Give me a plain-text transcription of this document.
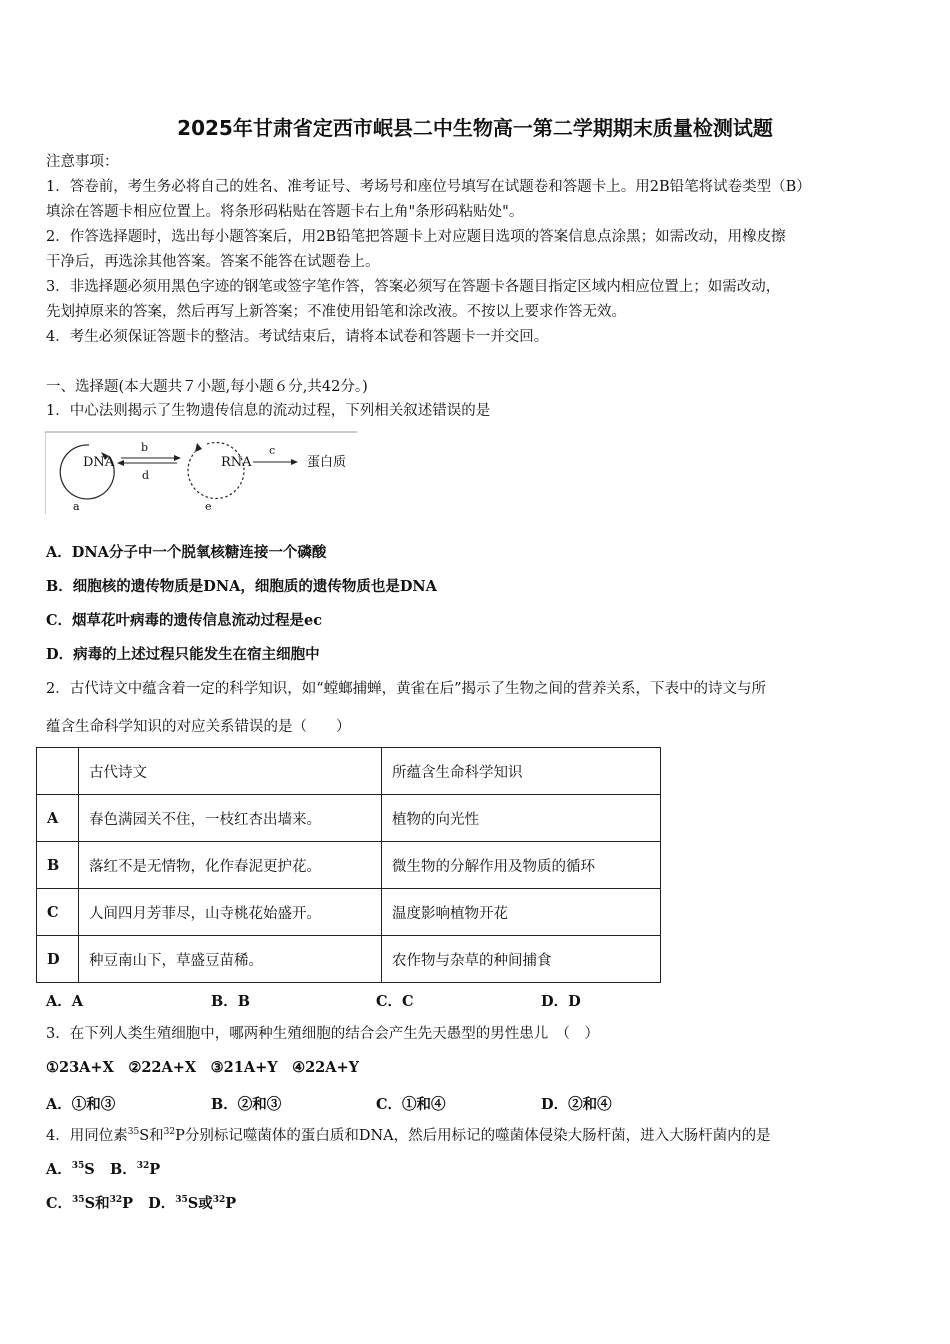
2025年甘肃省定西市岷县二中生物高一第二学期期末质量检测试题
注意事项：
1．答卷前，考生务必将自己的姓名、准考证号、考场号和座位号填写在试题卷和答题卡上。用2B铅笔将试卷类型（B）
填涂在答题卡相应位置上。将条形码粘贴在答题卡右上角"条形码粘贴处"。
2．作答选择题时，选出每小题答案后，用2B铅笔把答题卡上对应题目选项的答案信息点涂黑；如需改动，用橡皮擦
干净后，再选涂其他答案。答案不能答在试题卷上。
3．非选择题必须用黑色字迹的钢笔或签字笔作答，答案必须写在答题卡各题目指定区域内相应位置上；如需改动，
先划掉原来的答案，然后再写上新答案；不准使用铅笔和涂改液。不按以上要求作答无效。
4．考生必须保证答题卡的整洁。考试结束后，请将本试卷和答题卡一并交回。
一、选择题(本大题共７小题,每小题６分,共42分。)
1．中心法则揭示了生物遗传信息的流动过程，下列相关叙述错误的是
DNA	RNA	蛋白质
b
d
c
a	e
A．DNA分子中一个脱氧核糖连接一个磷酸
B．细胞核的遗传物质是DNA，细胞质的遗传物质也是DNA
C．烟草花叶病毒的遗传信息流动过程是ec
D．病毒的上述过程只能发生在宿主细胞中
2．古代诗文中蕴含着一定的科学知识，如“螳螂捕蝉，黄雀在后”揭示了生物之间的营养关系，下表中的诗文与所
蕴含生命科学知识的对应关系错误的是（　　）
	古代诗文	所蕴含生命科学知识
A	春色满园关不住，一枝红杏出墙来。	植物的向光性
B	落红不是无情物，化作春泥更护花。	微生物的分解作用及物质的循环
C	人间四月芳菲尽，山寺桃花始盛开。	温度影响植物开花
D	种豆南山下，草盛豆苗稀。	农作物与杂草的种间捕食
A．A	B．B	C．C	D．D
3．在下列人类生殖细胞中，哪两种生殖细胞的结合会产生先天愚型的男性患儿　（　）
①23A+X　②22A+X　③21A+Y　④22A+Y
A．①和③	B．②和③	C．①和④	D．②和④
4．用同位素$^{35}$S和$^{32}$P分别标记噬菌体的蛋白质和DNA，然后用标记的噬菌体侵染大肠杆菌，进入大肠杆菌内的是
A．$^{35}$S B．$^{32}$P
C．$^{35}$S和$^{32}$P D．$^{35}$S或$^{32}$P
